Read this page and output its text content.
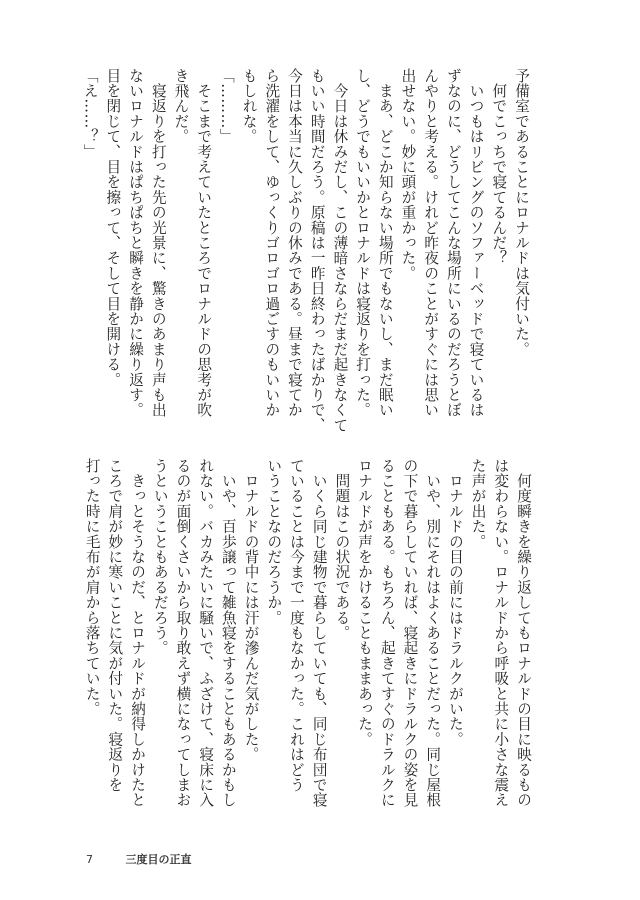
予備室であることにロナルドは気付いた。
　何でこっちで寝てるんだ？
　いつもはリビングのソファーベッドで寝ているは
ずなのに、どうしてこんな場所にいるのだろうとぼ
んやりと考える。けれど昨夜のことがすぐには思い
出せない。妙に頭が重かった。
　まあ、どこか知らない場所でもないし、まだ眠い
し、どうでもいいかとロナルドは寝返りを打った。
　今日は休みだし、この薄暗さならだまだ起きなくて
もいい時間だろう。原稿は一昨日終わったばかりで、
今日は本当に久しぶりの休みである。昼まで寝てか
ら洗濯をして、ゆっくりゴロゴロ過ごすのもいいか
もしれな。
「………」
　そこまで考えていたところでロナルドの思考が吹
き飛んだ。
　寝返りを打った先の光景に、驚きのあまり声も出
ないロナルドはぱちぱちと瞬きを静かに繰り返す。
目を閉じて、目を擦って、そして目を開ける。
「え……？」
　何度瞬きを繰り返してもロナルドの目に映るもの
は変わらない。ロナルドから呼吸と共に小さな震え
た声が出た。
　ロナルドの目の前にはドラルクがいた。
　いや、別にそれはよくあることだった。同じ屋根
の下で暮らしていれば、寝起きにドラルクの姿を見
ることもある。もちろん、起きてすぐのドラルクに
ロナルドが声をかけることもままあった。
　問題はこの状況である。
　いくら同じ建物で暮らしていても、同じ布団で寝
ていることは今まで一度もなかった。これはどう
いうことなのだろうか。
　ロナルドの背中には汗が滲んだ気がした。
　いや、百歩譲って雑魚寝をすることもあるかもし
れない。バカみたいに騒いで、ふざけて、寝床に入
るのが面倒くさいから取り敢えず横になってしまお
うということもあるだろう。
　きっとそうなのだ、とロナルドが納得しかけたと
ころで肩が妙に寒いことに気が付いた。寝返りを
打った時に毛布が肩から落ちていた。
7	三度目の正直
